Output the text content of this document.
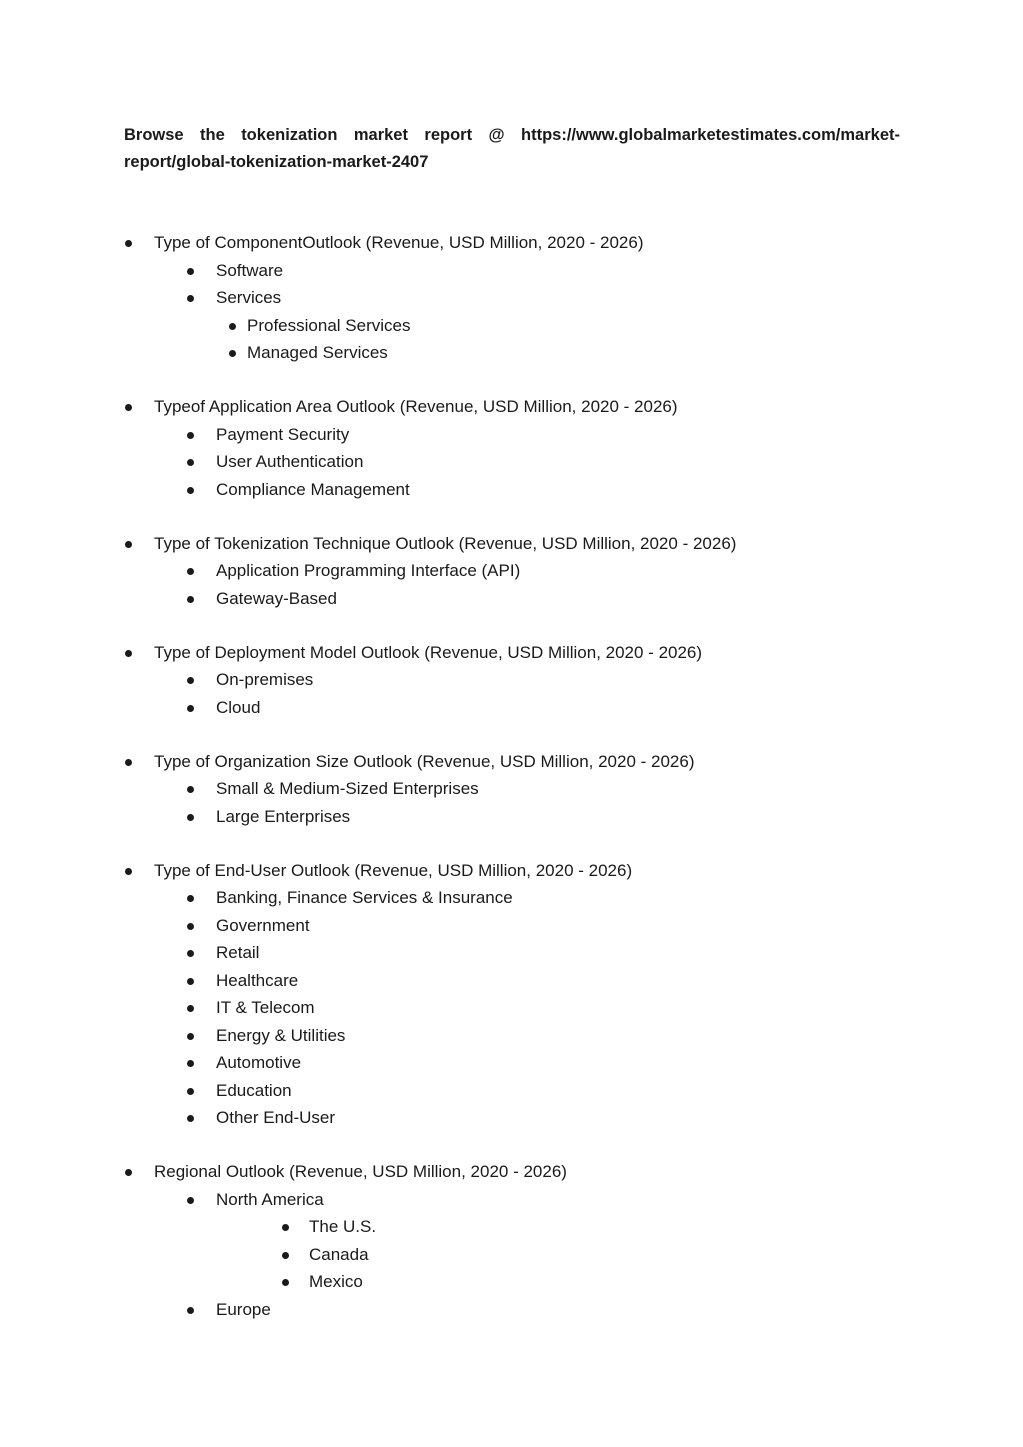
Browse the tokenization market report @ https://www.globalmarketestimates.com/market-report/global-tokenization-market-2407
Type of ComponentOutlook (Revenue, USD Million, 2020 - 2026)
Software
Services
Professional Services
Managed Services
Typeof Application Area Outlook (Revenue, USD Million, 2020 - 2026)
Payment Security
User Authentication
Compliance Management
Type of Tokenization Technique Outlook (Revenue, USD Million, 2020 - 2026)
Application Programming Interface (API)
Gateway-Based
Type of Deployment Model Outlook (Revenue, USD Million, 2020 - 2026)
On-premises
Cloud
Type of Organization Size Outlook (Revenue, USD Million, 2020 - 2026)
Small & Medium-Sized Enterprises
Large Enterprises
Type of End-User Outlook (Revenue, USD Million, 2020 - 2026)
Banking, Finance Services & Insurance
Government
Retail
Healthcare
IT & Telecom
Energy & Utilities
Automotive
Education
Other End-User
Regional Outlook (Revenue, USD Million, 2020 - 2026)
North America
The U.S.
Canada
Mexico
Europe
